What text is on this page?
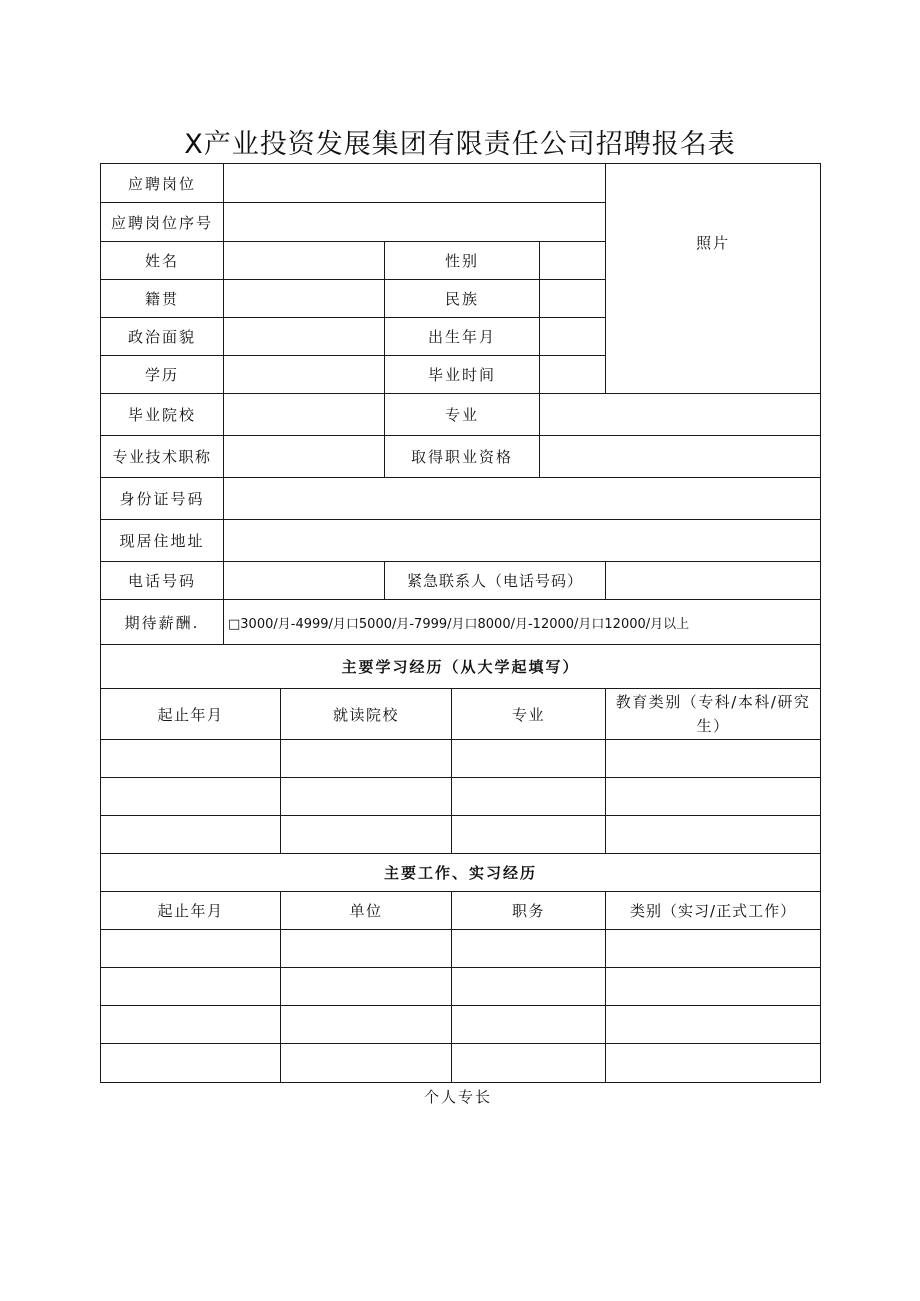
X产业投资发展集团有限责任公司招聘报名表
应聘岗位						照片
应聘岗位序号						
姓名			性别			
籍贯			民族			
政治面貌			出生年月			
学历			毕业时间			
毕业院校			专业			
专业技术职称			取得职业资格			
身份证号码						
现居住地址						
电话号码			紧急联系人（电话号码）			
期待薪酬.	□3000/月-4999/月口5000/月-7999/月口8000/月-12000/月口12000/月以上					
主要学习经历（从大学起填写）						
起止年月		就读院校		专业		教育类别（专科/本科/研究生）

主要工作、实习经历						
起止年月		单位		职务		类别（实习/正式工作）

个人专长
